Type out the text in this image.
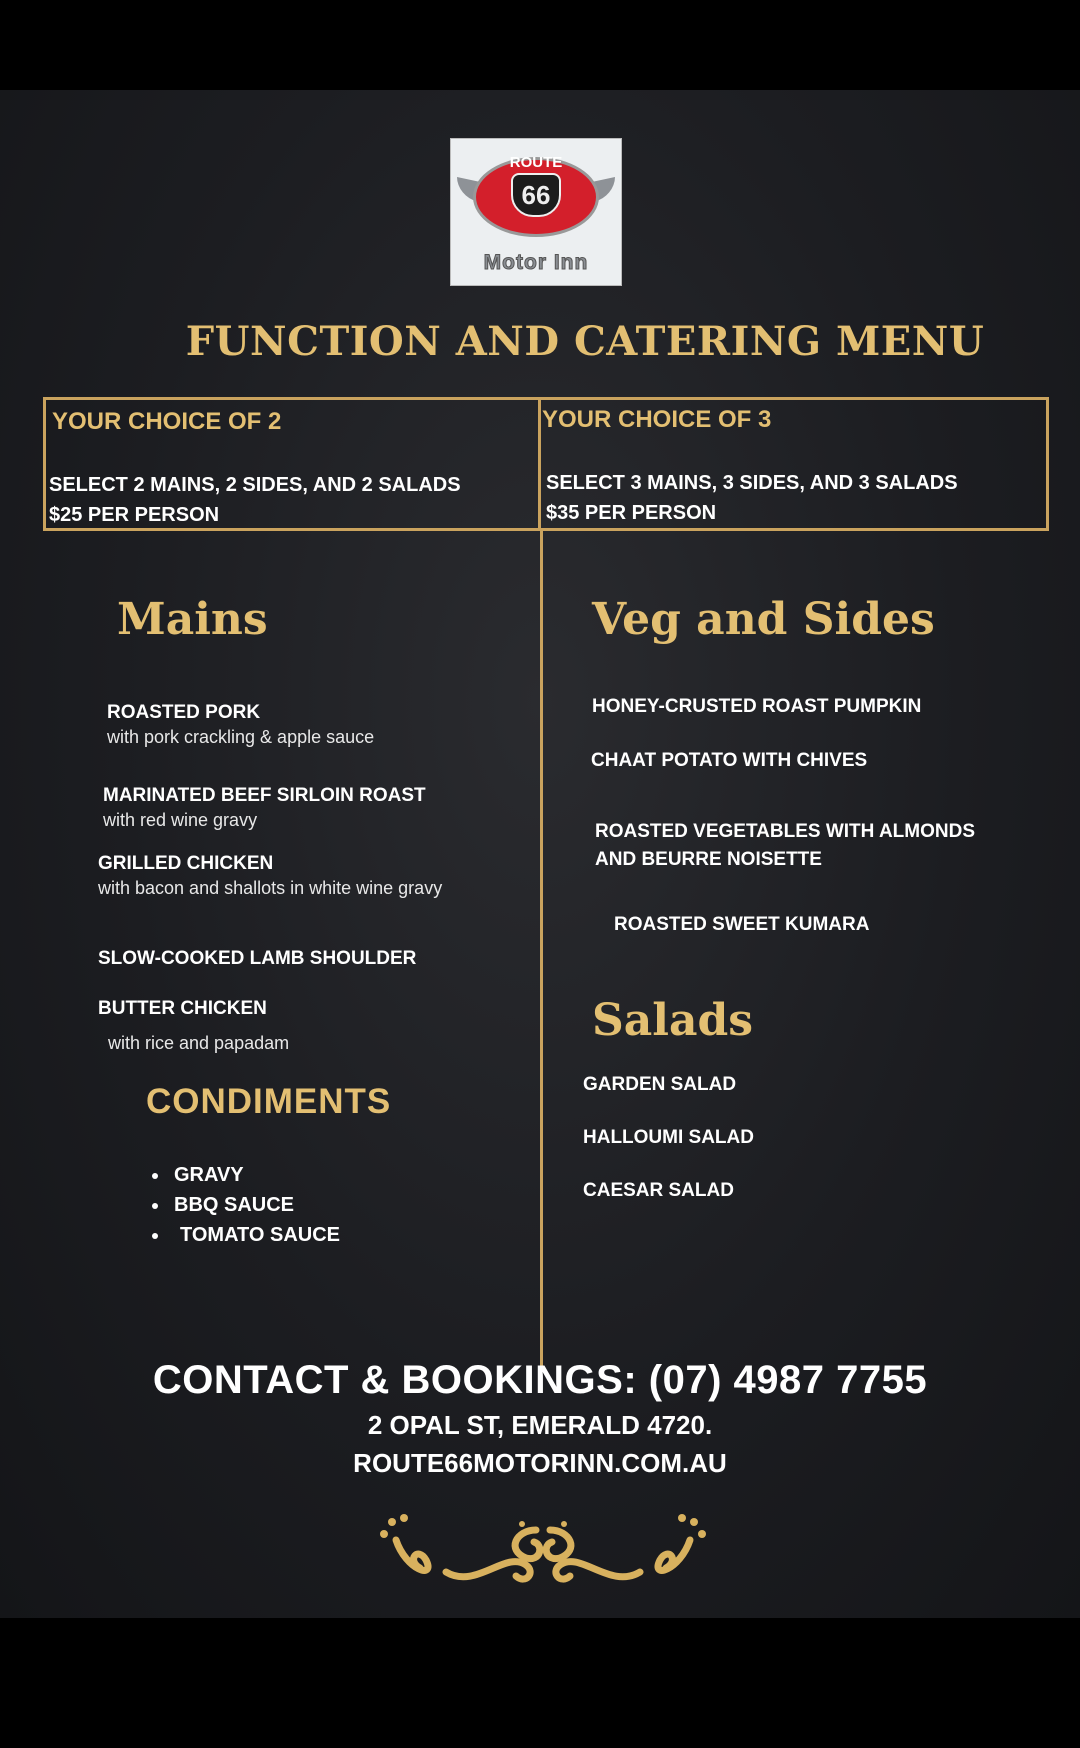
ROUTE
66
Motor Inn
FUNCTION AND CATERING MENU
YOUR CHOICE OF 2
SELECT 2 MAINS, 2 SIDES, AND 2 SALADS
$25 PER PERSON
YOUR CHOICE OF 3
SELECT 3 MAINS, 3 SIDES, AND 3 SALADS
$35 PER PERSON
Mains
ROASTED PORK
with pork crackling & apple sauce
MARINATED BEEF SIRLOIN ROAST
with red wine gravy
GRILLED CHICKEN
with bacon and shallots in white wine gravy
SLOW-COOKED LAMB SHOULDER
BUTTER CHICKEN
with rice and papadam
CONDIMENTS
• GRAVY
• BBQ SAUCE
• TOMATO SAUCE
Veg and Sides
HONEY-CRUSTED ROAST PUMPKIN
CHAAT POTATO WITH CHIVES
ROASTED VEGETABLES WITH ALMONDS AND BEURRE NOISETTE
ROASTED SWEET KUMARA
Salads
GARDEN SALAD
HALLOUMI SALAD
CAESAR SALAD
CONTACT & BOOKINGS: (07) 4987 7755
2 OPAL ST, EMERALD 4720.
ROUTE66MOTORINN.COM.AU
